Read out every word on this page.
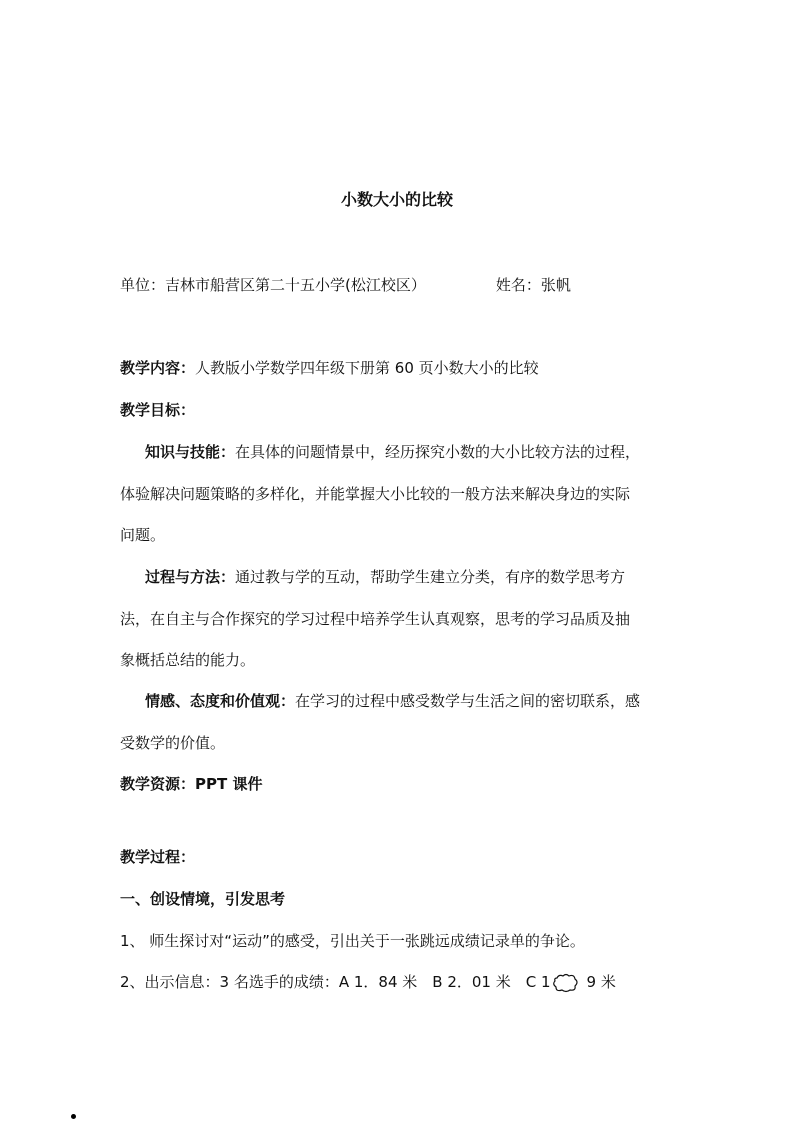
小数大小的比较
单位：吉林市船营区第二十五小学(松江校区）	姓名：张帆
教学内容：人教版小学数学四年级下册第 60 页小数大小的比较
教学目标：
知识与技能：在具体的问题情景中，经历探究小数的大小比较方法的过程，
体验解决问题策略的多样化，并能掌握大小比较的一般方法来解决身边的实际
问题。
过程与方法：通过教与学的互动，帮助学生建立分类，有序的数学思考方
法，在自主与合作探究的学习过程中培养学生认真观察，思考的学习品质及抽
象概括总结的能力。
情感、态度和价值观：在学习的过程中感受数学与生活之间的密切联系，感
受数学的价值。
教学资源：PPT 课件
教学过程：
一、创设情境，引发思考
1、 师生探讨对“运动”的感受，引出关于一张跳远成绩记录单的争论。
2、出示信息：3 名选手的成绩：A 1．84 米　B 2．01 米　C 1 9 米
